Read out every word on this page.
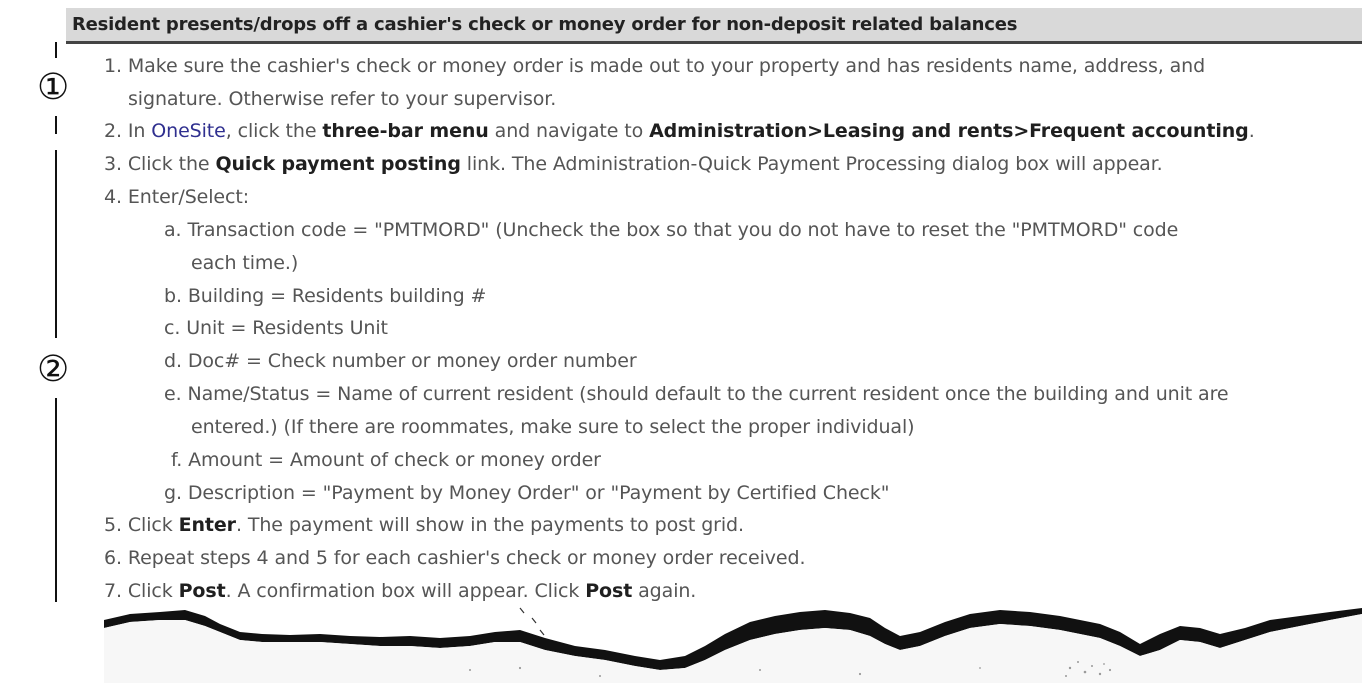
Resident presents/drops off a cashier's check or money order for non-deposit related balances
①
②
1. Make sure the cashier's check or money order is made out to your property and has residents name, address, and
signature. Otherwise refer to your supervisor.
2. In OneSite, click the three-bar menu and navigate to Administration>Leasing and rents>Frequent accounting.
3. Click the Quick payment posting link. The Administration-Quick Payment Processing dialog box will appear.
4. Enter/Select:
a. Transaction code = "PMTMORD" (Uncheck the box so that you do not have to reset the "PMTMORD" code
each time.)
b. Building = Residents building #
c. Unit = Residents Unit
d. Doc# = Check number or money order number
e. Name/Status = Name of current resident (should default to the current resident once the building and unit are
entered.) (If there are roommates, make sure to select the proper individual)
f. Amount = Amount of check or money order
g. Description = "Payment by Money Order" or "Payment by Certified Check"
5. Click Enter. The payment will show in the payments to post grid.
6. Repeat steps 4 and 5 for each cashier's check or money order received.
7. Click Post. A confirmation box will appear. Click Post again.
